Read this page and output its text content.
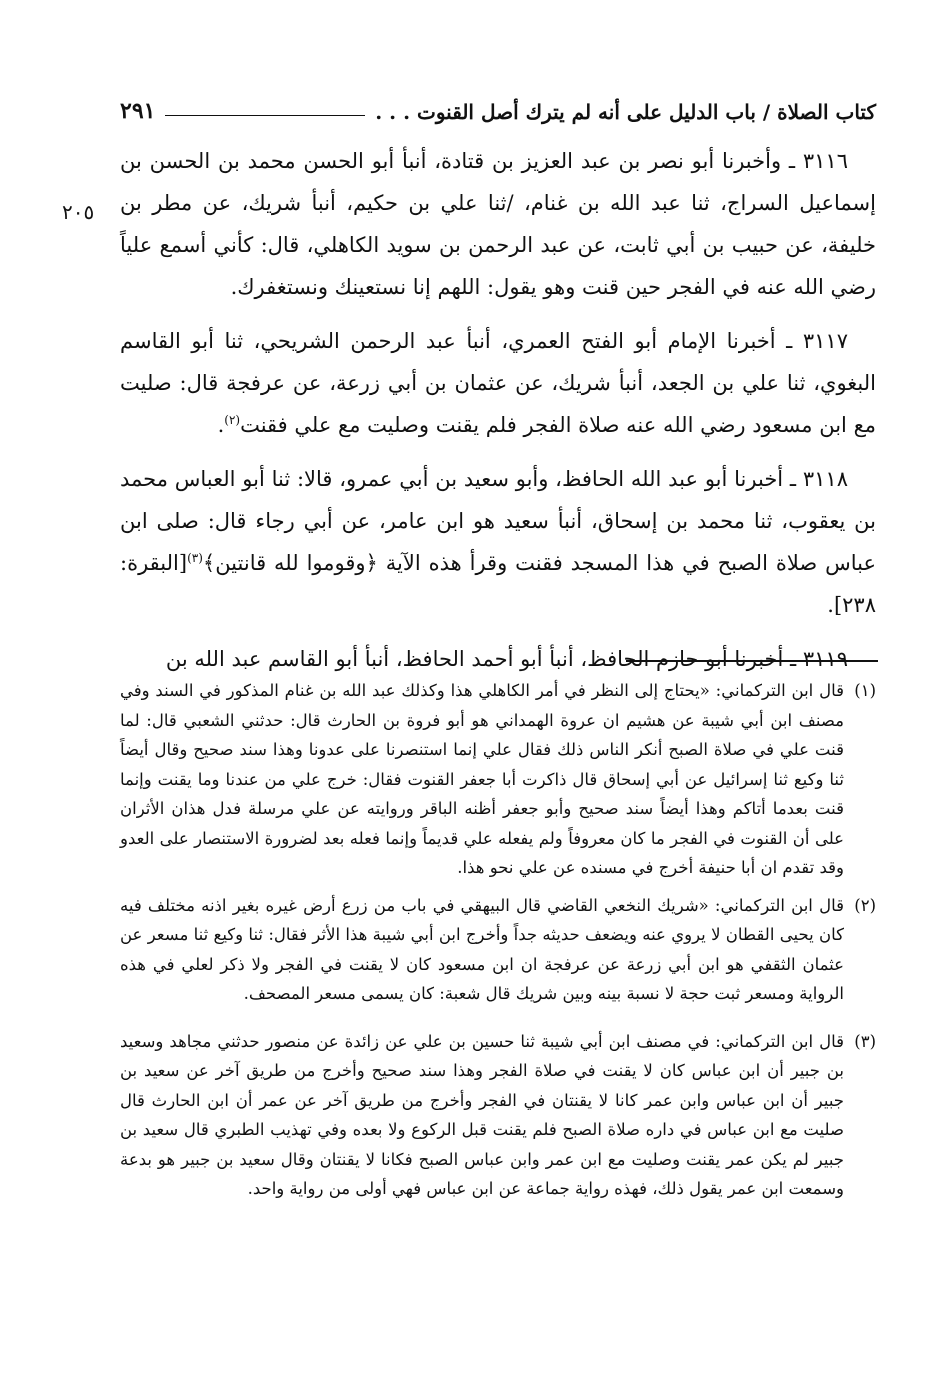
كتاب الصلاة / باب الدليل على أنه لم يترك أصل القنوت . . .
٢٩١
٢٠٥

٣١١٦ ـ وأخبرنا أبو نصر بن عبد العزيز بن قتادة، أنبأ أبو الحسن محمد بن الحسن بن إسماعيل السراج، ثنا عبد الله بن غنام، /ثنا علي بن حكيم، أنبأ شريك، عن مطر بن خليفة، عن حبيب بن أبي ثابت، عن عبد الرحمن بن سويد الكاهلي، قال: كأني أسمع علياً رضي الله عنه في الفجر حين قنت وهو يقول: اللهم إنا نستعينك ونستغفرك.

٣١١٧ ـ أخبرنا الإمام أبو الفتح العمري، أنبأ عبد الرحمن الشريحي، ثنا أبو القاسم البغوي، ثنا علي بن الجعد، أنبأ شريك، عن عثمان بن أبي زرعة، عن عرفجة قال: صليت مع ابن مسعود رضي الله عنه صلاة الفجر فلم يقنت وصليت مع علي فقنت$^{(٢)}$.

٣١١٨ ـ أخبرنا أبو عبد الله الحافظ، وأبو سعيد بن أبي عمرو، قالا: ثنا أبو العباس محمد بن يعقوب، ثنا محمد بن إسحاق، أنبأ سعيد هو ابن عامر، عن أبي رجاء قال: صلى ابن عباس صلاة الصبح في هذا المسجد فقنت وقرأ هذه الآية ﴿وقوموا لله قانتين﴾$^{(٣)}$[البقرة: ٢٣٨].

٣١١٩ ـ أخبرنا أبو حازم الحافظ، أنبأ أبو أحمد الحافظ، أنبأ أبو القاسم عبد الله بن

(١)
قال ابن التركماني: «يحتاج إلى النظر في أمر الكاهلي هذا وكذلك عبد الله بن غنام المذكور في السند وفي مصنف ابن أبي شيبة عن هشيم ان عروة الهمداني هو أبو فروة بن الحارث قال: حدثني الشعبي قال: لما قنت علي في صلاة الصبح أنكر الناس ذلك فقال علي إنما استنصرنا على عدونا وهذا سند صحيح وقال أيضاً ثنا وكيع ثنا إسرائيل عن أبي إسحاق قال ذاكرت أبا جعفر القنوت فقال: خرج علي من عندنا وما يقنت وإنما قنت بعدما أتاكم وهذا أيضاً سند صحيح وأبو جعفر أظنه الباقر وروايته عن علي مرسلة فدل هذان الأثران على أن القنوت في الفجر ما كان معروفاً ولم يفعله علي قديماً وإنما فعله بعد لضرورة الاستنصار على العدو وقد تقدم ان أبا حنيفة أخرج في مسنده عن علي نحو هذا.
(٢)
قال ابن التركماني: «شريك النخعي القاضي قال البيهقي في باب من زرع أرض غيره بغير اذنه مختلف فيه كان يحيى القطان لا يروي عنه ويضعف حديثه جداً وأخرج ابن أبي شيبة هذا الأثر فقال: ثنا وكيع ثنا مسعر عن عثمان الثقفي هو ابن أبي زرعة عن عرفجة ان ابن مسعود كان لا يقنت في الفجر ولا ذكر لعلي في هذه الرواية ومسعر ثبت حجة لا نسبة بينه وبين شريك قال شعبة: كان يسمى مسعر المصحف.
(٣)
قال ابن التركماني: في مصنف ابن أبي شيبة ثنا حسين بن علي عن زائدة عن منصور حدثني مجاهد وسعيد بن جبير أن ابن عباس كان لا يقنت في صلاة الفجر وهذا سند صحيح وأخرج من طريق آخر عن سعيد بن جبير أن ابن عباس وابن عمر كانا لا يقنتان في الفجر وأخرج من طريق آخر عن عمر أن ابن الحارث قال صليت مع ابن عباس في داره صلاة الصبح فلم يقنت قبل الركوع ولا بعده وفي تهذيب الطبري قال سعيد بن جبير لم يكن عمر يقنت وصليت مع ابن عمر وابن عباس الصبح فكانا لا يقنتان وقال سعيد بن جبير هو بدعة وسمعت ابن عمر يقول ذلك، فهذه رواية جماعة عن ابن عباس فهي أولى من رواية واحد.
